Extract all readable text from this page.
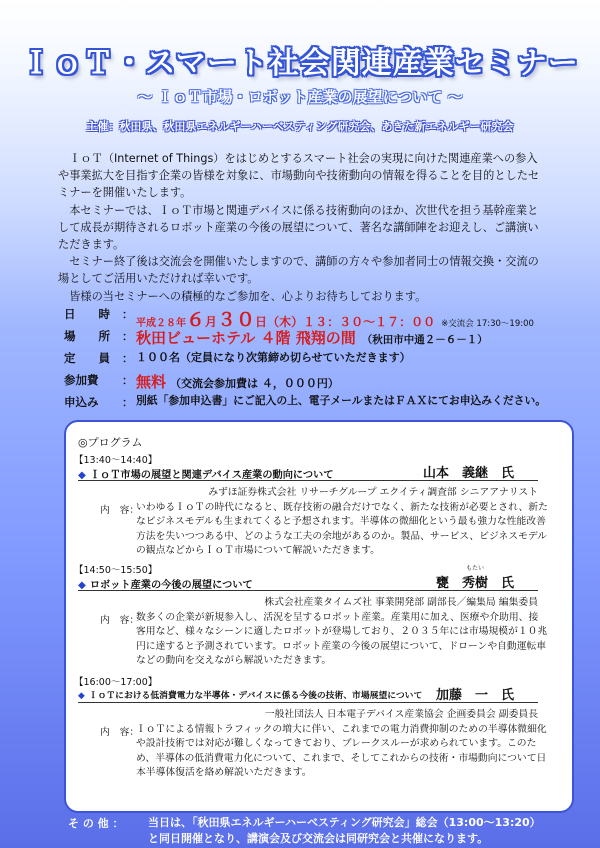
ＩｏＴ・スマート社会関連産業セミナー
～ ＩｏＴ市場・ロボット産業の展望について ～
主催：秋田県、秋田県エネルギーハーベスティング研究会、あきた新エネルギー研究会

ＩｏＴ（Internet of Things）をはじめとするスマート社会の実現に向けた関連産業への参入や事業拡大を目指す企業の皆様を対象に、市場動向や技術動向の情報を得ることを目的としたセミナーを開催いたします。

本セミナーでは、ＩｏＴ市場と関連デバイスに係る技術動向のほか、次世代を担う基幹産業として成長が期待されるロボット産業の今後の展望について、著名な講師陣をお迎えし、ご講演いただきます。

セミナー終了後は交流会を開催いたしますので、講師の方々や参加者同士の情報交換・交流の場としてご活用いただければ幸いです。

皆様の当セミナーへの積極的なご参加を、心よりお待ちしております。

日　　時	：
平成２８年６月３０日（木）１３：３０～１７：００ ※交流会 17:30～19:00
場　　所	： 秋田ビューホテル ４階 飛翔の間 （秋田市中通２－６－１）
定　　員	： １００名（定員になり次第締め切らせていただきます）
参加費	： 無料 （交流会参加費は ４，０００円）
申込み	： 別紙「参加申込書」にご記入の上、電子メールまたはＦＡＸにてお申込みください。
◎プログラム
【13:40～14:40】
◆ ＩｏＴ市場の展望と関連デバイス産業の動向について	山本　義継　氏
みずほ証券株式会社 リサーチグループ エクイティ調査部 シニアアナリスト
内　容：
いわゆるＩｏＴの時代になると、既存技術の融合だけでなく、新たな技術が必要とされ、新たなビジネスモデルも生まれてくると予想されます。半導体の微細化という最も強力な性能改善方法を失いつつある中、どのような工夫の余地があるのか。製品、サービス、ビジネスモデルの観点などからＩｏＴ市場について解説いただきます。
【14:50～15:50】
◆ ロボット産業の今後の展望について
もたい
甕　秀樹　氏
株式会社産業タイムズ社 事業開発部 副部長／編集局 編集委員
内　容：
数多くの企業が新規参入し、活況を呈するロボット産業。産業用に加え、医療や介助用、接客用など、様々なシーンに適したロボットが登場しており、２０３５年には市場規模が１０兆円に達すると予測されています。ロボット産業の今後の展望について、ドローンや自動運転車などの動向を交えながら解説いただきます。
【16:00～17:00】
◆ ＩｏＴにおける低消費電力な半導体・デバイスに係る今後の技術、市場展望について 加藤　一　氏
一般社団法人 日本電子デバイス産業協会 企画委員会 副委員長
内　容：
ＩｏＴによる情報トラフィックの増大に伴い、これまでの電力消費抑制のための半導体微細化や設計技術では対応が難しくなってきており、ブレークスルーが求められています。このため、半導体の低消費電力化について、これまで、そしてこれからの技術・市場動向について日本半導体復活を絡め解説いただきます。
そ の 他 ： 当日は、「秋田県エネルギーハーベスティング研究会」総会（13:00～13:20）
と同日開催となり、講演会及び交流会は同研究会と共催になります。
